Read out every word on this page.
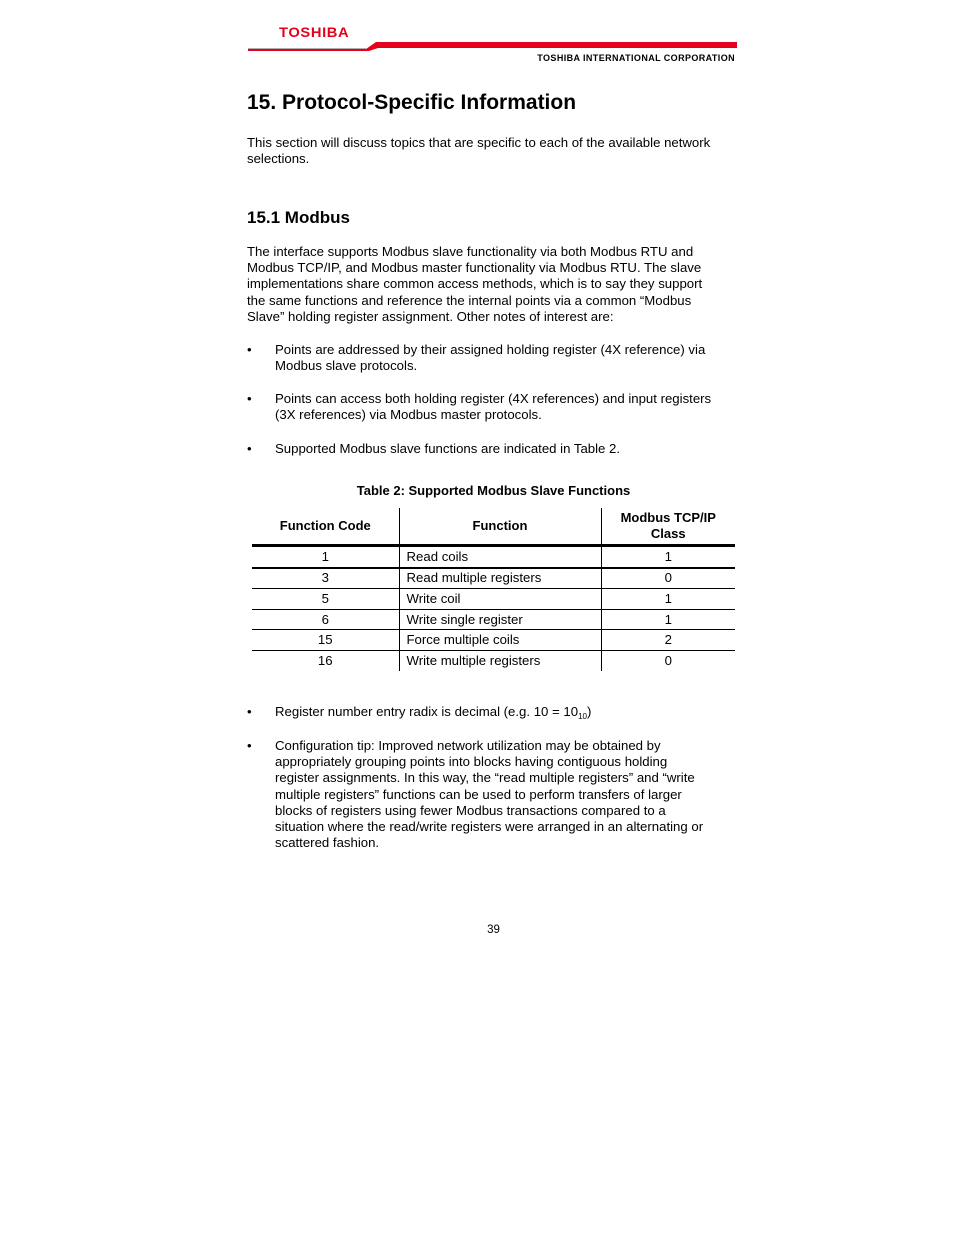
TOSHIBA
TOSHIBA INTERNATIONAL CORPORATION
15. Protocol-Specific Information
This section will discuss topics that are specific to each of the available network
selections.
15.1 Modbus
The interface supports Modbus slave functionality via both Modbus RTU and
Modbus TCP/IP, and Modbus master functionality via Modbus RTU. The slave
implementations share common access methods, which is to say they support
the same functions and reference the internal points via a common “Modbus
Slave” holding register assignment. Other notes of interest are:
•	Points are addressed by their assigned holding register (4X reference) via
Modbus slave protocols.
•	Points can access both holding register (4X references) and input registers
(3X references) via Modbus master protocols.
•	Supported Modbus slave functions are indicated in Table 2.
Table 2: Supported Modbus Slave Functions
Function Code	Function	Modbus TCP/IP
Class

1	Read coils	1
3	Read multiple registers	0
5	Write coil	1
6	Write single register	1
15	Force multiple coils	2
16	Write multiple registers	0
•	Register number entry radix is decimal (e.g. $10 = 10_{10}$)
•	Configuration tip: Improved network utilization may be obtained by
appropriately grouping points into blocks having contiguous holding
register assignments. In this way, the “read multiple registers” and “write
multiple registers” functions can be used to perform transfers of larger
blocks of registers using fewer Modbus transactions compared to a
situation where the read/write registers were arranged in an alternating or
scattered fashion.
39
